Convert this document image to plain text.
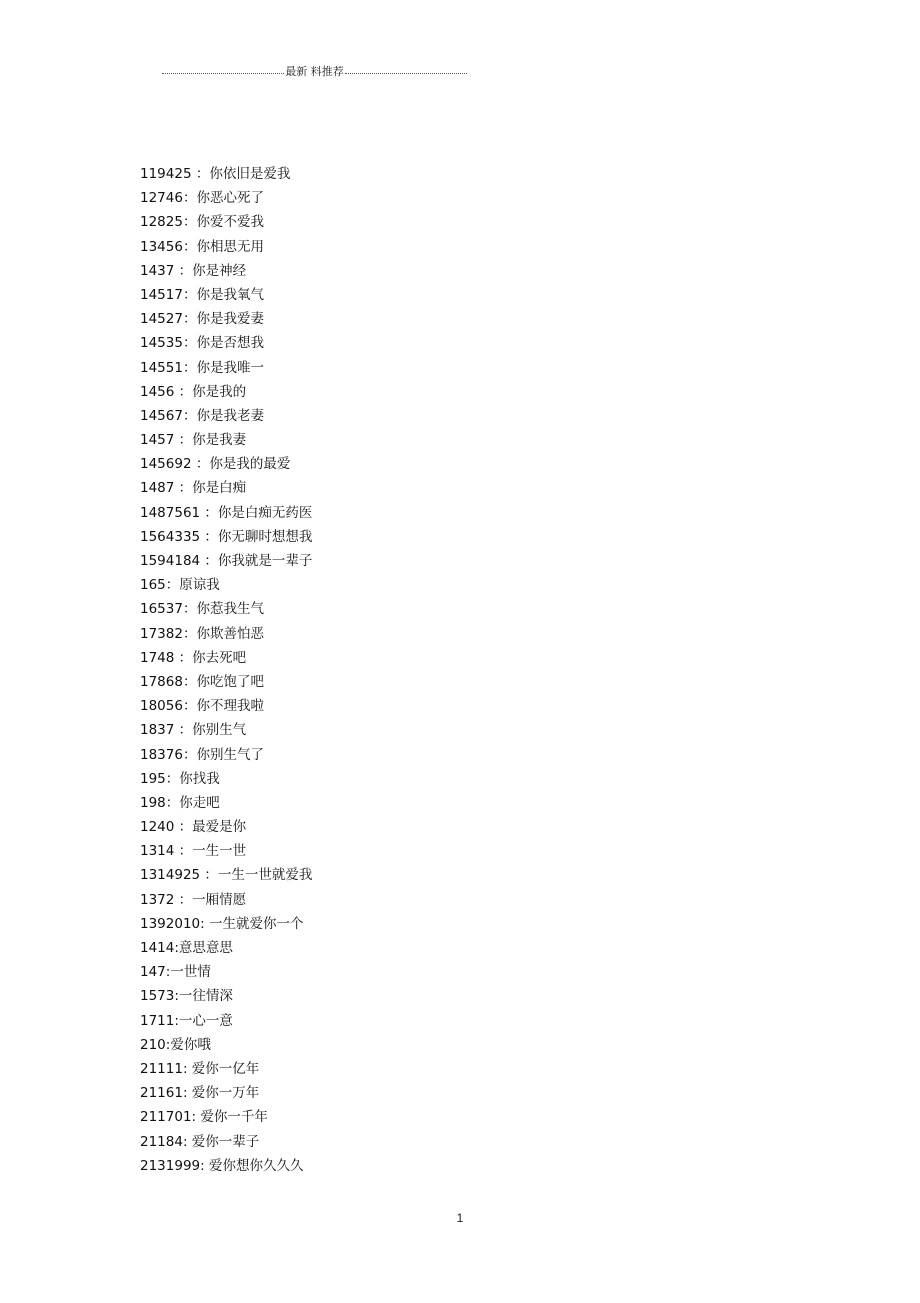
最新 料推荐
119425 ：你依旧是爱我
12746：你恶心死了
12825：你爱不爱我
13456：你相思无用
1437 ：你是神经
14517：你是我氧气
14527：你是我爱妻
14535：你是否想我
14551：你是我唯一
1456 ：你是我的
14567：你是我老妻
1457 ：你是我妻
145692 ：你是我的最爱
1487 ：你是白痴
1487561 ：你是白痴无药医
1564335 ：你无聊时想想我
1594184 ：你我就是一辈子
165：原谅我
16537：你惹我生气
17382：你欺善怕恶
1748 ：你去死吧
17868：你吃饱了吧
18056：你不理我啦
1837 ：你别生气
18376：你别生气了
195：你找我
198：你走吧
1240 ：最爱是你
1314 ：一生一世
1314925 ：一生一世就爱我
1372 ：一厢情愿
1392010: 一生就爱你一个
1414:意思意思
147:一世情
1573:一往情深
1711:一心一意
210:爱你哦
21111: 爱你一亿年
21161: 爱你一万年
211701: 爱你一千年
21184: 爱你一辈子
2131999: 爱你想你久久久
1
